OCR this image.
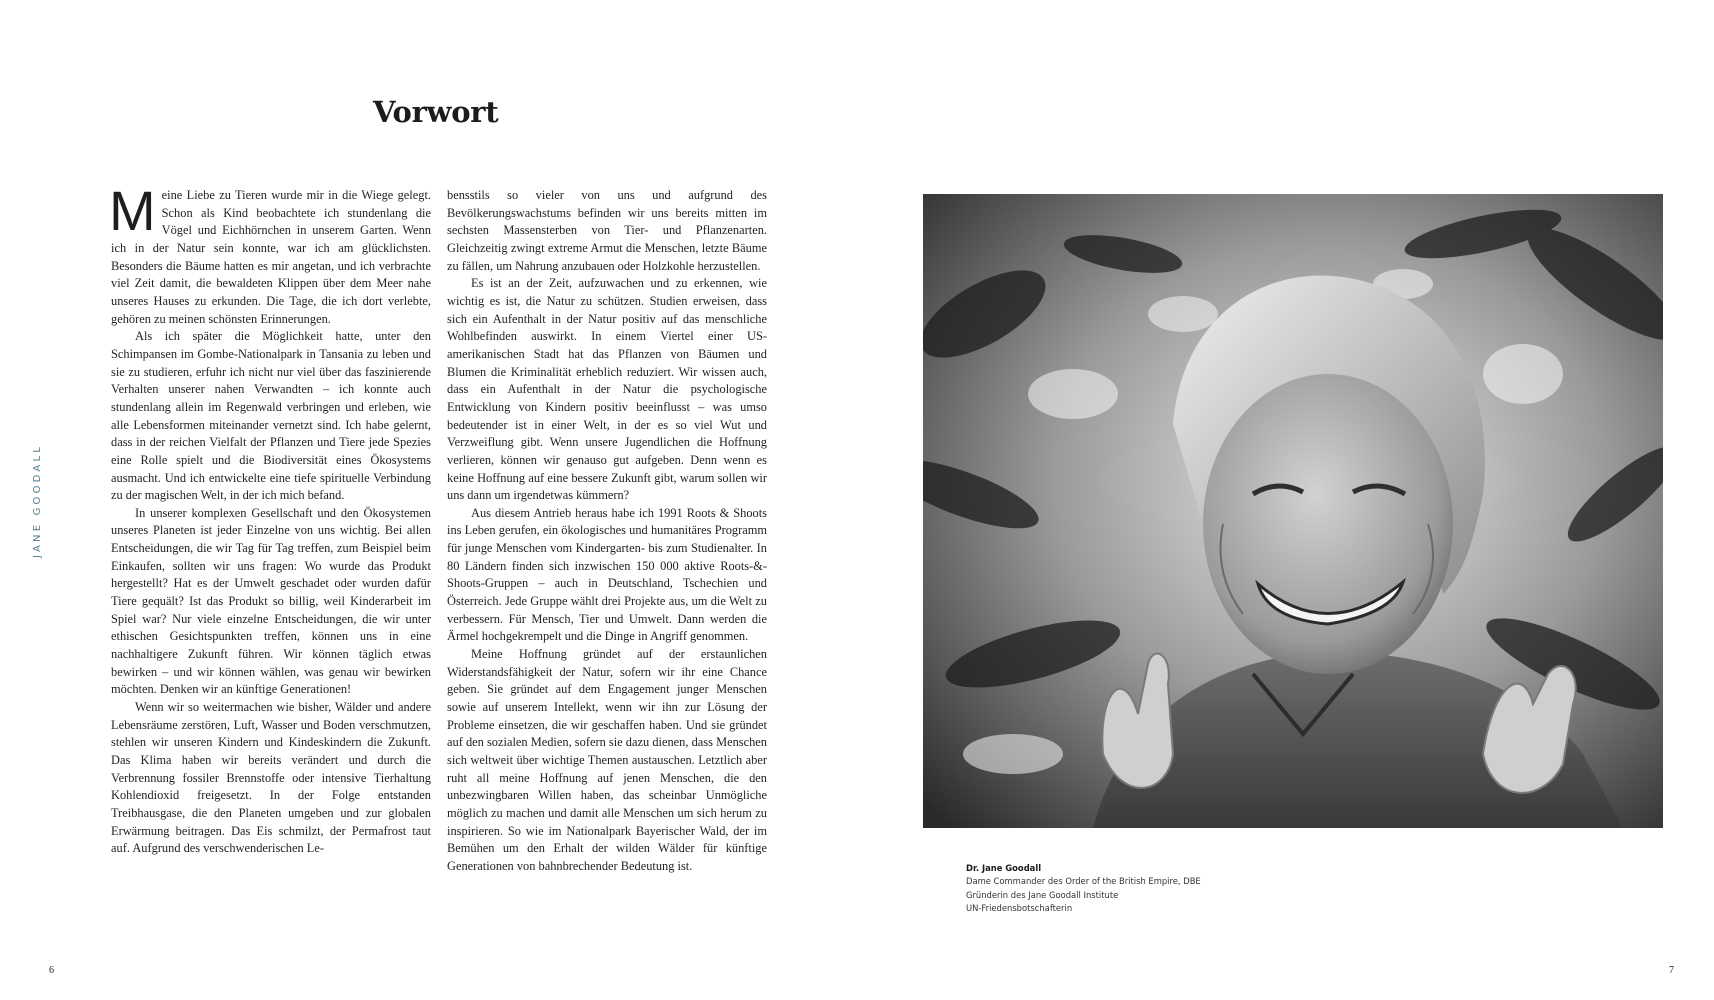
JANE GOODALL
Vorwort

Meine Liebe zu Tieren wurde mir in die Wiege gelegt. Schon als Kind beobachtete ich stundenlang die Vögel und Eichhörnchen in unserem Garten. Wenn ich in der Natur sein konnte, war ich am glücklichsten. Besonders die Bäume hatten es mir angetan, und ich verbrachte viel Zeit damit, die bewaldeten Klippen über dem Meer nahe unseres Hauses zu erkunden. Die Tage, die ich dort verlebte, gehören zu meinen schönsten Erinnerungen.

Als ich später die Möglichkeit hatte, unter den Schimpansen im Gombe-Nationalpark in Tansania zu leben und sie zu studieren, erfuhr ich nicht nur viel über das faszinierende Verhalten unserer nahen Verwandten – ich konnte auch stundenlang allein im Regenwald verbringen und erleben, wie alle Lebensformen miteinander vernetzt sind. Ich habe gelernt, dass in der reichen Vielfalt der Pflanzen und Tiere jede Spezies eine Rolle spielt und die Biodiversität eines Ökosystems ausmacht. Und ich entwickelte eine tiefe spirituelle Verbindung zu der magischen Welt, in der ich mich befand.

In unserer komplexen Gesellschaft und den Ökosystemen unseres Planeten ist jeder Einzelne von uns wichtig. Bei allen Entscheidungen, die wir Tag für Tag treffen, zum Beispiel beim Einkaufen, sollten wir uns fragen: Wo wurde das Produkt hergestellt? Hat es der Umwelt geschadet oder wurden dafür Tiere gequält? Ist das Produkt so billig, weil Kinderarbeit im Spiel war? Nur viele einzelne Entscheidungen, die wir unter ethischen Gesichtspunkten treffen, können uns in eine nachhaltigere Zukunft führen. Wir können täglich etwas bewirken – und wir können wählen, was genau wir bewirken möchten. Denken wir an künftige Generationen!

Wenn wir so weitermachen wie bisher, Wälder und andere Lebensräume zerstören, Luft, Wasser und Boden verschmutzen, stehlen wir unseren Kindern und Kindeskindern die Zukunft. Das Klima haben wir bereits verändert und durch die Verbrennung fossiler Brennstoffe oder intensive Tierhaltung Kohlendioxid freigesetzt. In der Folge entstanden Treibhausgase, die den Planeten umgeben und zur globalen Erwärmung beitragen. Das Eis schmilzt, der Permafrost taut auf. Aufgrund des verschwenderischen Le-

bensstils so vieler von uns und aufgrund des Bevölkerungswachstums befinden wir uns bereits mitten im sechsten Massensterben von Tier- und Pflanzenarten. Gleichzeitig zwingt extreme Armut die Menschen, letzte Bäume zu fällen, um Nahrung anzubauen oder Holzkohle herzustellen.

Es ist an der Zeit, aufzuwachen und zu erkennen, wie wichtig es ist, die Natur zu schützen. Studien erweisen, dass sich ein Aufenthalt in der Natur positiv auf das menschliche Wohlbefinden auswirkt. In einem Viertel einer US-amerikanischen Stadt hat das Pflanzen von Bäumen und Blumen die Kriminalität erheblich reduziert. Wir wissen auch, dass ein Aufenthalt in der Natur die psychologische Entwicklung von Kindern positiv beeinflusst – was umso bedeutender ist in einer Welt, in der es so viel Wut und Verzweiflung gibt. Wenn unsere Jugendlichen die Hoffnung verlieren, können wir genauso gut aufgeben. Denn wenn es keine Hoffnung auf eine bessere Zukunft gibt, warum sollen wir uns dann um irgendetwas kümmern?

Aus diesem Antrieb heraus habe ich 1991 Roots & Shoots ins Leben gerufen, ein ökologisches und humanitäres Programm für junge Menschen vom Kindergarten- bis zum Studienalter. In 80 Ländern finden sich inzwischen 150 000 aktive Roots-&-Shoots-Gruppen – auch in Deutschland, Tschechien und Österreich. Jede Gruppe wählt drei Projekte aus, um die Welt zu verbessern. Für Mensch, Tier und Umwelt. Dann werden die Ärmel hochgekrempelt und die Dinge in Angriff genommen.

Meine Hoffnung gründet auf der erstaunlichen Widerstandsfähigkeit der Natur, sofern wir ihr eine Chance geben. Sie gründet auf dem Engagement junger Menschen sowie auf unserem Intellekt, wenn wir ihn zur Lösung der Probleme einsetzen, die wir geschaffen haben. Und sie gründet auf den sozialen Medien, sofern sie dazu dienen, dass Menschen sich weltweit über wichtige Themen austauschen. Letztlich aber ruht all meine Hoffnung auf jenen Menschen, die den unbezwingbaren Willen haben, das scheinbar Unmögliche möglich zu machen und damit alle Menschen um sich herum zu inspirieren. So wie im Nationalpark Bayerischer Wald, der im Bemühen um den Erhalt der wilden Wälder für künftige Generationen von bahnbrechender Bedeutung ist.	Dr. Jane Goodall
Dame Commander des Order of the British Empire, DBE
Gründerin des Jane Goodall Institute
UN-Friedensbotschafterin
6	7
